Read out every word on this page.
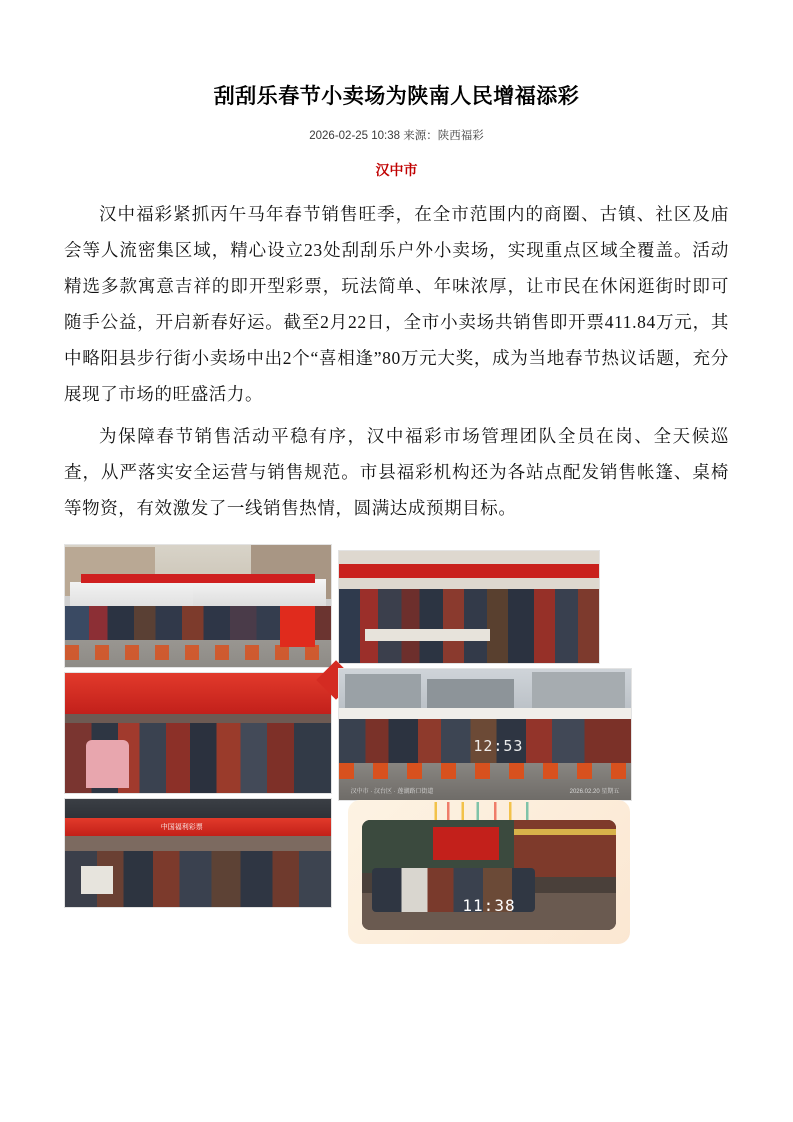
刮刮乐春节小卖场为陕南人民增福添彩
2026-02-25 10:38 来源：陕西福彩
汉中市

汉中福彩紧抓丙午马年春节销售旺季，在全市范围内的商圈、古镇、社区及庙会等人流密集区域，精心设立23处刮刮乐户外小卖场，实现重点区域全覆盖。活动精选多款寓意吉祥的即开型彩票，玩法简单、年味浓厚，让市民在休闲逛街时即可随手公益，开启新春好运。截至2月22日，全市小卖场共销售即开票411.84万元，其中略阳县步行街小卖场中出2个“喜相逢”80万元大奖，成为当地春节热议话题，充分展现了市场的旺盛活力。

为保障春节销售活动平稳有序，汉中福彩市场管理团队全员在岗、全天候巡查，从严落实安全运营与销售规范。市县福彩机构还为各站点配发销售帐篷、桌椅等物资，有效激发了一线销售热情，圆满达成预期目标。

12:53
汉中市 · 汉台区 · 莲湖路口街道	2026.02.20 星期五
中国福利彩票
11:38
